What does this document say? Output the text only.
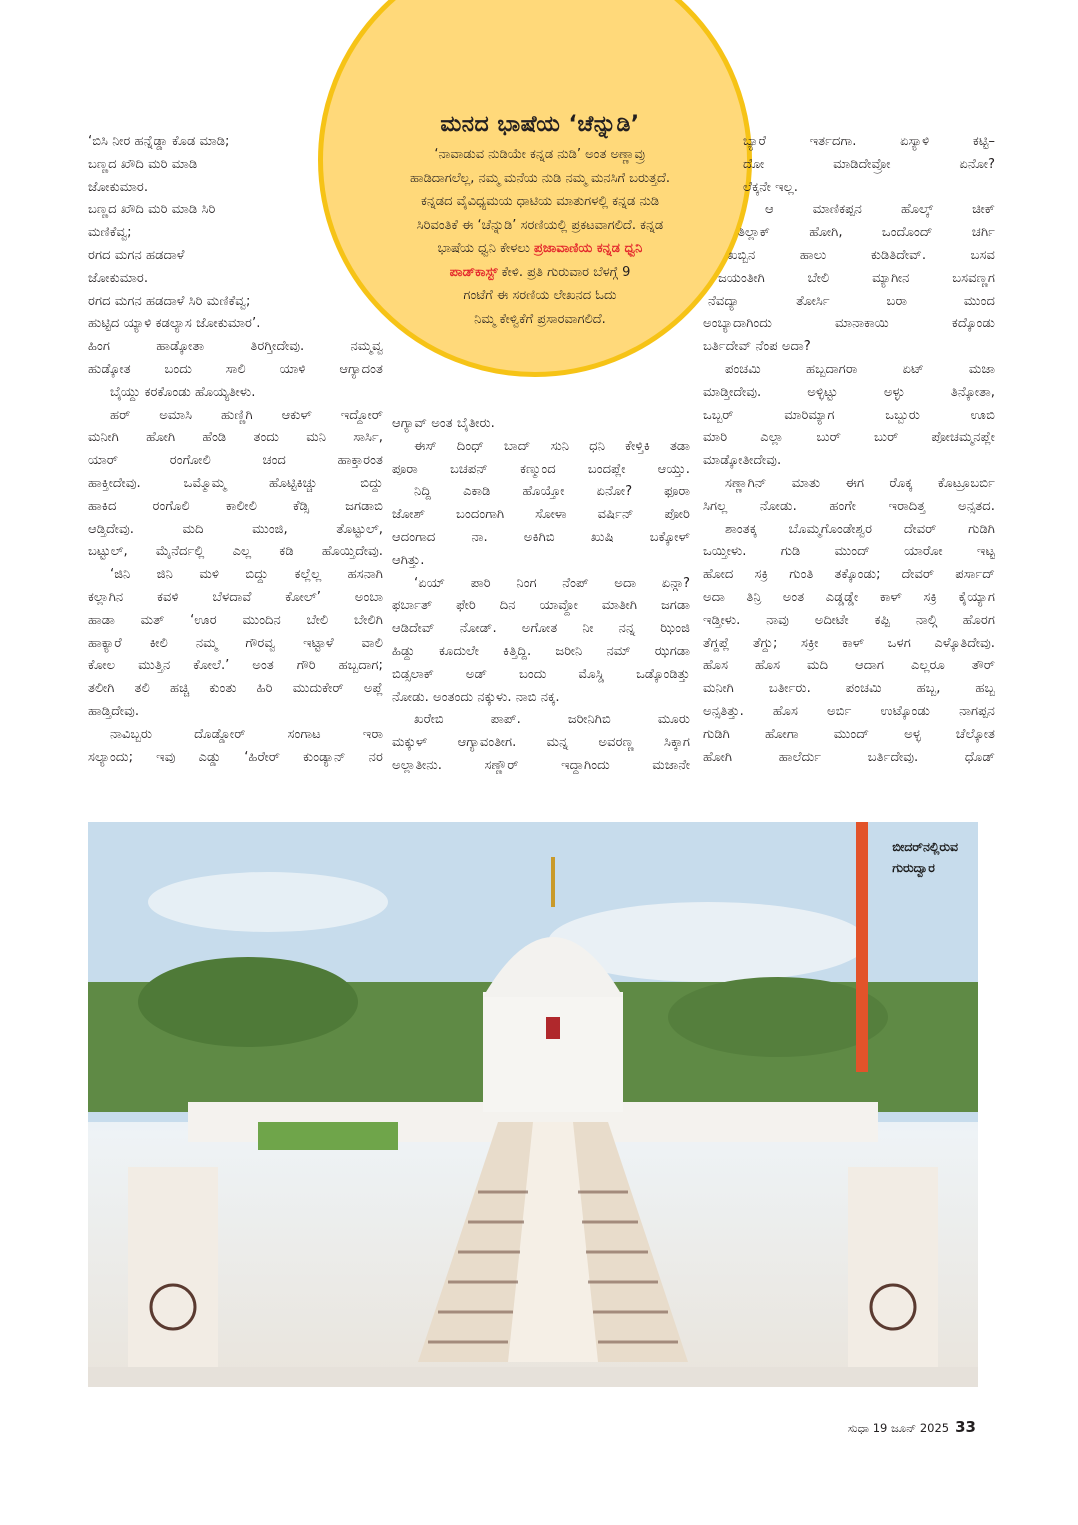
ಮನದ ಭಾಷೆಯ ‘ಚೆನ್ನುಡಿ’

‘ನಾವಾಡುವ ನುಡಿಯೇ ಕನ್ನಡ ನುಡಿ’ ಅಂತ ಅಣ್ಣಾವ್ರು

ಹಾಡಿದಾಗಲೆಲ್ಲ, ನಮ್ಮ ಮನೆಯ ನುಡಿ ನಮ್ಮ ಮನಸಿಗೆ ಬರುತ್ತದೆ.

ಕನ್ನಡದ ವೈವಿಧ್ಯಮಯ ಧಾಟಿಯ ಮಾತುಗಳಲ್ಲಿ ಕನ್ನಡ ನುಡಿ

ಸಿರಿವಂತಿಕೆ ಈ ‘ಚೆನ್ನುಡಿ’ ಸರಣಿಯಲ್ಲಿ ಪ್ರಕಟವಾಗಲಿದೆ. ಕನ್ನಡ

ಭಾಷೆಯ ಧ್ವನಿ ಕೇಳಲು ಪ್ರಜಾವಾಣಿಯ ಕನ್ನಡ ಧ್ವನಿ

ಪಾಡ್‌ಕಾಸ್ಟ್ ಕೇಳಿ. ಪ್ರತಿ ಗುರುವಾರ ಬೆಳಗ್ಗೆ 9

ಗಂಟೆಗೆ ಈ ಸರಣಿಯ ಲೇಖನದ ಓದು

ನಿಮ್ಮ ಕೇಳ್ವಿಕೆಗೆ ಪ್ರಸಾರವಾಗಲಿದೆ.

‘ಬಿಸಿ ನೀರ ಹನ್ನೆಡ್ಡಾ ಕೊಡ ಮಾಡಿ;
ಬಣ್ಣದ ಖೌದಿ ಮರಿ ಮಾಡಿ
ಜೋಕುಮಾರ.
ಬಣ್ಣದ ಖೌದಿ ಮರಿ ಮಾಡಿ ಸಿರಿ
ಮಣಿಕೆವ್ವ;
ರಗದ ಮಗನ ಹಡದಾಳೆ
ಜೋಕುಮಾರ.
ರಗದ ಮಗನ ಹಡದಾಳೆ ಸಿರಿ ಮಣಿಕೆವ್ವ;
ಹುಟ್ಟಿದ ಯ್ಯಾಳಿ ಕಡಲ್ಯಾಸ ಜೋಕುಮಾರ’.
ಹಿಂಗ ಹಾಡ್ಕೋತಾ ತಿರಗ್ತೀದೇವು. ನಮ್ಮವ್ವ
ಹುಡ್ಕೋತ ಬಂದು ಸಾಲಿ ಯಾಳಿ ಆಗ್ಯಾದಂತ
ಬೈಯ್ದು ಕರಕೊಂಡು ಹೊಯ್ಯತೀಳು.
ಹರ್ ಅಮಾಸಿ ಹುಣ್ಣಿಗಿ ಆಕುಳ್ ಇದ್ದೋರ್
ಮನೀಗಿ ಹೋಗಿ ಹೆಂಡಿ ತಂದು ಮನಿ ಸಾರ್ಸಿ,
ಯಾರ್ ರಂಗೋಲಿ ಚಂದ ಹಾಕ್ತಾರಂತ
ಹಾಕ್ತೀದೇವು. ಒಮ್ಮೊಮ್ಮ ಹೊಟ್ಟಿಕಿಚ್ಚು ಬಿದ್ದು
ಹಾಕಿದ ರಂಗೊಲಿ ಕಾಲೀಲಿ ಕೆಡ್ಸಿ ಜಗಡಾಬಿ
ಆಡ್ತಿದೇವು. ಮದಿ ಮುಂಜಿ, ತೊಟ್ಟುಲ್,
ಬಟ್ಟುಲ್, ಮೈನೆರ್ದಲ್ಲಿ ಎಲ್ಲ ಕಡಿ ಹೊಯ್ತಿದೇವು.
‘ಜಿನಿ ಜಿನಿ ಮಳಿ ಬಿದ್ದು ಕಲ್ಲೆಲ್ಲ ಹಸನಾಗಿ
ಕಲ್ಲಾಗಿನ ಕವಳಿ ಬೆಳದಾವೆ ಕೋಲ್’ ಅಂಬಾ
ಹಾಡಾ ಮತ್ ‘ಊರ ಮುಂದಿನ ಬೇಲಿ ಬೇಲಿಗಿ
ಹಾಕ್ಯಾರೆ ಕೀಲಿ ನಮ್ಮ ಗೌರವ್ವ ಇಟ್ಟಾಳೆ ವಾಲಿ
ಕೋಲ ಮುತ್ತಿನ ಕೋಲೆ.’ ಅಂತ ಗೌರಿ ಹಬ್ಬದಾಗ;
ತಲೀಗಿ ತಲಿ ಹಚ್ಚಿ ಕುಂತು ಹಿರಿ ಮುದುಕೇರ್ ಅಪ್ಲೆ
ಹಾಡ್ತಿದೇವು.
ನಾವಿಬ್ಬರು ದೊಡ್ಡೋರ್ ಸಂಗಾಟ ಇರಾ
ಸಲ್ಯಾಂದು; ಇವು ಎಡ್ಡು ‘ಹಿರೇರ್ ಕುಂಡ್ಯಾನ್ ನರ
ಆಗ್ಯಾವ್ ಅಂತ ಬೈತೀರು.
ಈಸ್ ದಿಂಧ್ ಬಾದ್ ಸುನಿ ಧನಿ ಕೇಳ್ತಿಕಿ ತಡಾ
ಪೂರಾ ಬಚಪನ್ ಕಣ್ಮುಂದ ಬಂದಪ್ಲೇ ಆಯ್ತು.
ನಿದ್ದಿ ಎಕಾಡಿ ಹೊಯ್ತೋ ಏನೋ? ಫೂರಾ
ಜೋಶ್ ಬಂದಂಗಾಗಿ ಸೋಳಾ ವರ್ಷಿನ್ ಪೋರಿ
ಆದಂಗಾದ ನಾ. ಅಕಿಗಿಬಿ ಖುಷಿ ಬಕ್ಕೋಳ್
ಆಗಿತ್ತು.
‘ಏಯ್ ಪಾರಿ ನಿಂಗ ನೆಂಪ್ ಅದಾ ಏನ್ಗಾ?
ಫರ್ಬಾತ್ ಫೇರಿ ದಿನ ಯಾವ್ದೋ ಮಾತೀಗಿ ಜಗಡಾ
ಆಡಿದೇವ್ ನೋಡ್. ಅಗೋತ ನೀ ನನ್ನ ಝಿಂಜಿ
ಹಿಡ್ದು ಕೂದುಲೇ ಕಿತ್ತಿದ್ದಿ. ಜರೀನಿ ನಮ್ ಝಗಡಾ
ಬಿಡ್ಸಲಾಕ್ ಅಡ್ ಬಂದು ಮೊಸ್ಡಿ ಒಡ್ಕೊಂಡಿತ್ತು
ನೋಡು. ಅಂತಂದು ನಕ್ಕುಳು. ನಾಬಿ ನಕ್ಕ.
ಖರೇಬಿ ಪಾಪ್. ಜರೀನಿಗಿಬಿ ಮೂರು
ಮಕ್ಕುಳ್ ಆಗ್ಯಾವಂತೀಗ. ಮನ್ನ ಅವರಣ್ಣ ಸಿಕ್ಕಾಗ
ಅಲ್ಲಾತೀನು. ಸಣ್ಣೌರ್ ಇದ್ದಾಗಿಂದು ಮಜಾನೇ
ಬ್ಯಾರೆ ಇರ್ತದಗಾ. ಏಸ್ಯಾಳಿ ಕಟ್ಟಿ–
ದೋ ಮಾಡಿದೇವ್ರೋ ಏನೋ?
ಲೆಕ್ಕನೇ ಇಲ್ಲ.
ಆ ಮಾಣಿಕಪ್ಪನ ಹೊಲ್ಕ್ ಚೀಕ್
ತಿಲ್ಲಾಕ್ ಹೋಗಿ, ಒಂದೊಂದ್ ಚರ್ಗಿ
ಖಬ್ಬಿನ ಹಾಲು ಕುಡಿತಿದೇವ್. ಬಸವ
ಜಯಂತೀಗಿ ಬೇಲಿ ಮ್ಯಾಗೀನ ಬಸವಣ್ಣಗ
ನೆವದ್ಯಾ ತೋರ್ಸಿ ಬರಾ ಮುಂದ
ಅಂಬ್ಯಾದಾಗಿಂದು ಮಾನಾಕಾಯಿ ಕದ್ಕೊಂಡು
ಬರ್ತಿದೇವ್ ನೆಂಪ ಅದಾ?
ಪಂಚಮಿ ಹಬ್ಬದಾಗರಾ ಏಟ್ ಮಜಾ
ಮಾಡ್ತೀದೇವು. ಅಳ್ಳಿಟ್ಟು ಅಳ್ಳು ತಿನ್ಕೋತಾ,
ಒಬ್ಬರ್ ಮಾರಿಮ್ಯಾಗ ಒಬ್ಬುರು ಊಬಿ
ಮಾರಿ ಎಲ್ಲಾ ಬುರ್ ಬುರ್ ಪೋಚಮ್ಮನಪ್ಲೇ
ಮಾಡ್ಕೋತೀದೇವು.
ಸಣ್ಣಾಗಿನ್ ಮಾತು ಈಗ ರೊಕ್ಕ ಕೊಟ್ರೂಬರ್ಬಿ
ಸಿಗಲ್ಲ ನೋಡು. ಹಂಗೇ ಇರಾದಿತ್ತ ಅನ್ಸತದ.
ಶಾಂತಕ್ಕ ಬೊಮ್ಮಗೊಂಡೇಶ್ವರ ದೇವರ್ ಗುಡಿಗಿ
ಒಯ್ತೀಳು. ಗುಡಿ ಮುಂದ್ ಯಾರೋ ಇಟ್ಟ
ಹೋದ ಸಕ್ರಿ ಗುಂತಿ ತಕ್ಕೊಂಡು; ದೇವರ್ ಪರ್ಸಾದ್
ಅದಾ ತಿನ್ರಿ ಅಂತ ಎಡ್ಡಡ್ಡೇ ಕಾಳ್ ಸಕ್ರಿ ಕೈಯ್ಯಾಗ
ಇಡ್ತೀಳು. ನಾವು ಅದೀಟೇ ಕಪ್ಪಿ ನಾಲ್ಗಿ ಹೊರಗ
ತೆಗ್ದಪ್ಲೆ ತೆಗ್ದು; ಸಕ್ರೀ ಕಾಳ್ ಒಳಗ ಎಳ್ಕೊತಿದೇವು.
ಹೊಸ ಹೊಸ ಮದಿ ಆದಾಗ ಎಲ್ಲರೂ ತೌರ್
ಮನೀಗಿ ಬರ್ತೀರು. ಪಂಚಮಿ ಹಬ್ಬ, ಹಬ್ಬ
ಅನ್ಸತಿತ್ತು. ಹೊಸ ಅರ್ಬಿ ಉಟ್ಕೊಂಡು ನಾಗಪ್ಪನ
ಗುಡಿಗಿ ಹೋಗಾ ಮುಂದ್ ಅಳ್ಳ ಚೆಲ್ಕೋತ
ಹೋಗಿ ಹಾಲೆರ್ದು ಬರ್ತಿದೇವು. ಧೊಡ್
ಬೀದರ್‌ನಲ್ಲಿರುವ
ಗುರುದ್ವಾರ
ಸುಧಾ 19 ಜೂನ್ 2025 33
